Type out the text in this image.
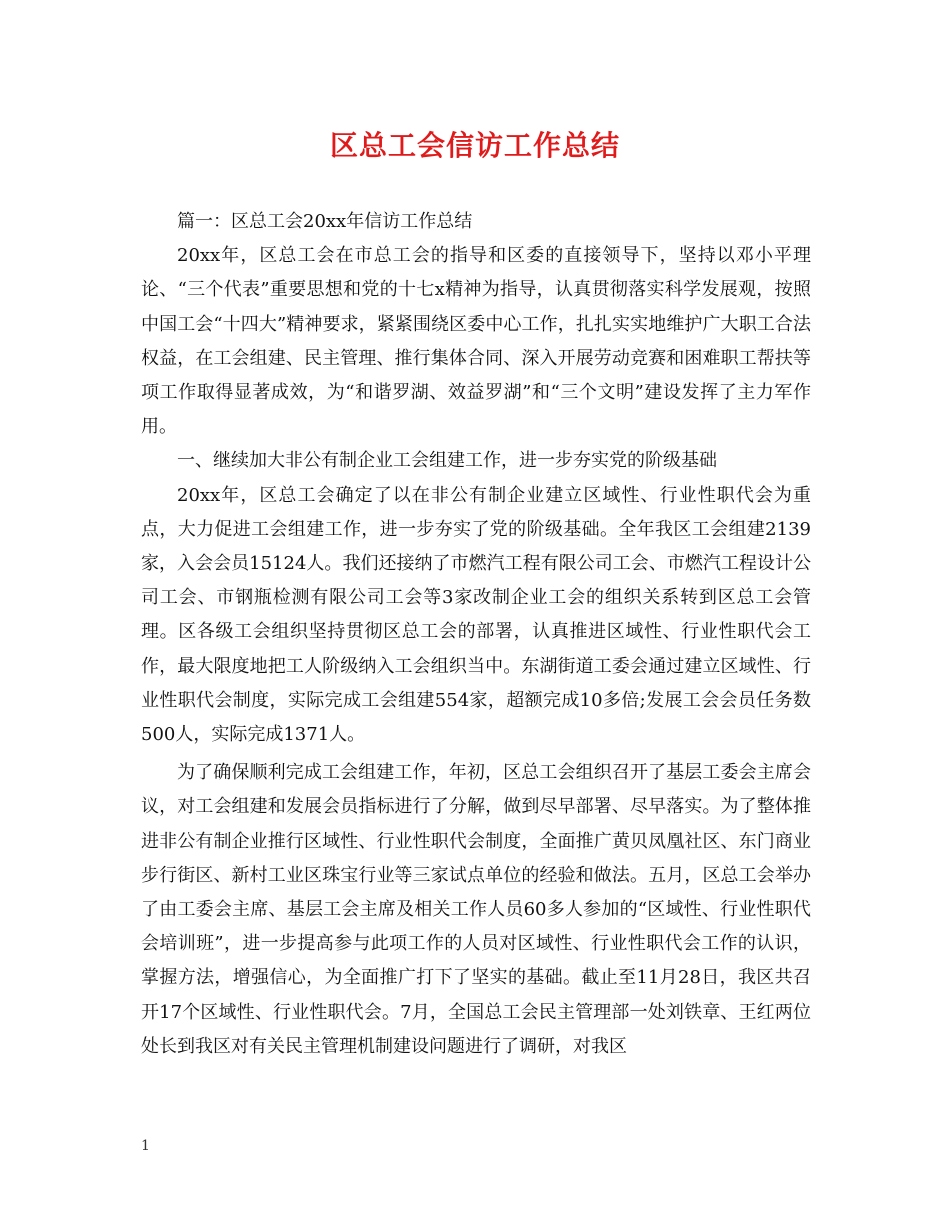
区总工会信访工作总结

篇一：区总工会20xx年信访工作总结

20xx年，区总工会在市总工会的指导和区委的直接领导下，坚持以邓小平理论、“三个代表”重要思想和党的十七x精神为指导，认真贯彻落实科学发展观，按照中国工会“十四大”精神要求，紧紧围绕区委中心工作，扎扎实实地维护广大职工合法权益，在工会组建、民主管理、推行集体合同、深入开展劳动竞赛和困难职工帮扶等项工作取得显著成效，为“和谐罗湖、效益罗湖”和“三个文明”建设发挥了主力军作用。

一、继续加大非公有制企业工会组建工作，进一步夯实党的阶级基础

20xx年，区总工会确定了以在非公有制企业建立区域性、行业性职代会为重点，大力促进工会组建工作，进一步夯实了党的阶级基础。全年我区工会组建2139家，入会会员15124人。我们还接纳了市燃汽工程有限公司工会、市燃汽工程设计公司工会、市钢瓶检测有限公司工会等3家改制企业工会的组织关系转到区总工会管理。区各级工会组织坚持贯彻区总工会的部署，认真推进区域性、行业性职代会工作，最大限度地把工人阶级纳入工会组织当中。东湖街道工委会通过建立区域性、行业性职代会制度，实际完成工会组建554家，超额完成10多倍;发展工会会员任务数500人，实际完成1371人。

为了确保顺利完成工会组建工作，年初，区总工会组织召开了基层工委会主席会议，对工会组建和发展会员指标进行了分解，做到尽早部署、尽早落实。为了整体推进非公有制企业推行区域性、行业性职代会制度，全面推广黄贝凤凰社区、东门商业步行街区、新村工业区珠宝行业等三家试点单位的经验和做法。五月，区总工会举办了由工委会主席、基层工会主席及相关工作人员60多人参加的“区域性、行业性职代会培训班”，进一步提高参与此项工作的人员对区域性、行业性职代会工作的认识，掌握方法，增强信心，为全面推广打下了坚实的基础。截止至11月28日，我区共召开17个区域性、行业性职代会。7月，全国总工会民主管理部一处刘铁章、王红两位处长到我区对有关民主管理机制建设问题进行了调研，对我区

1
